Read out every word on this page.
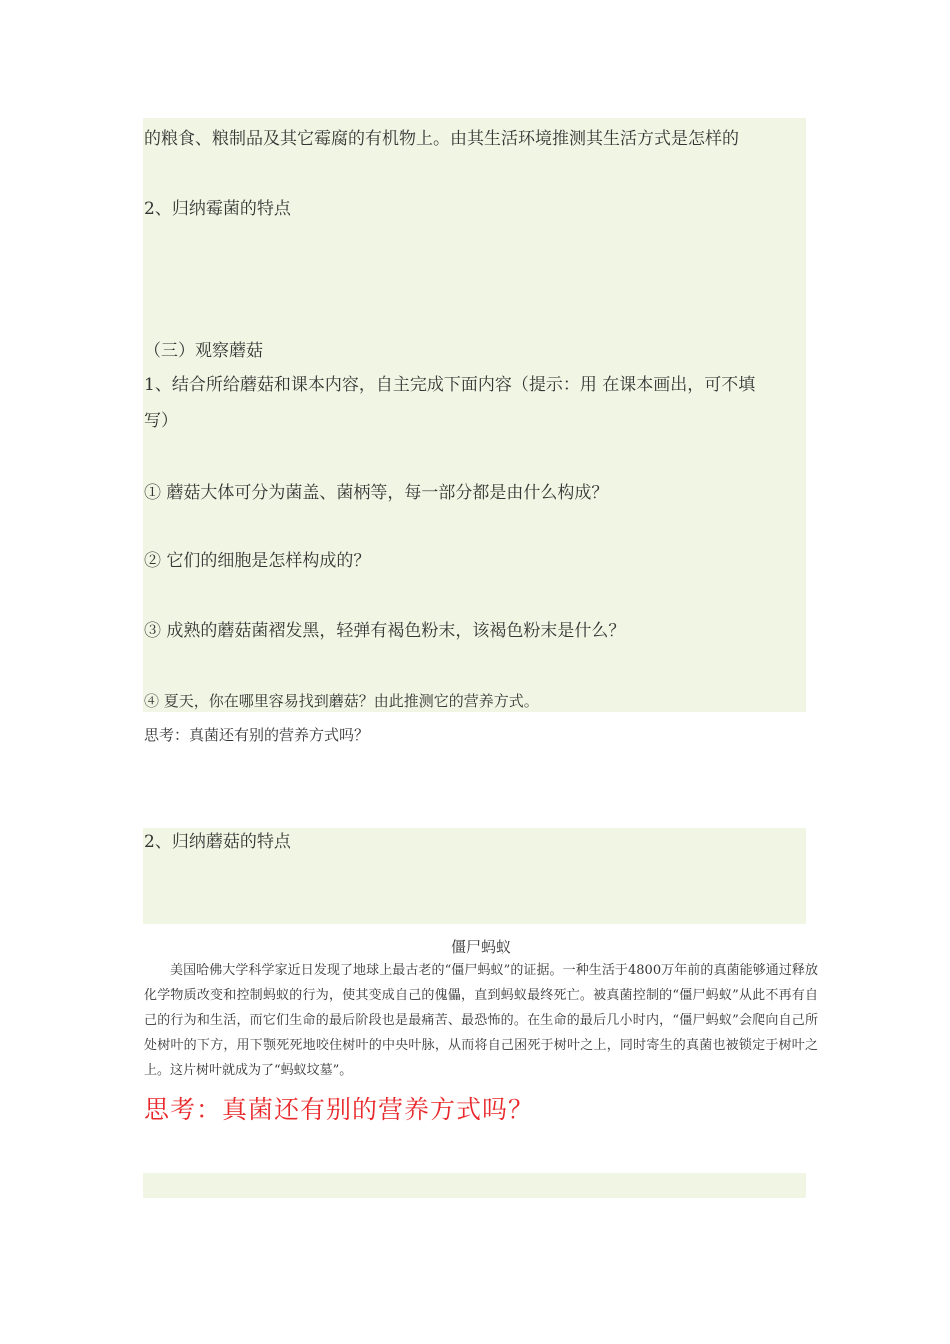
的粮食、粮制品及其它霉腐的有机物上。由其生活环境推测其生活方式是怎样的
2、归纳霉菌的特点
（三）观察蘑菇
1、结合所给蘑菇和课本内容，自主完成下面内容（提示：用 在课本画出，可不填
写）
① 蘑菇大体可分为菌盖、菌柄等，每一部分都是由什么构成？
② 它们的细胞是怎样构成的？
③ 成熟的蘑菇菌褶发黑，轻弹有褐色粉末，该褐色粉末是什么？
④ 夏天，你在哪里容易找到蘑菇？由此推测它的营养方式。
思考：真菌还有别的营养方式吗？
2、归纳蘑菇的特点
僵尸蚂蚁
美国哈佛大学科学家近日发现了地球上最古老的“僵尸蚂蚁”的证据。一种生活于4800万年前的真菌能够通过释放化学物质改变和控制蚂蚁的行为，使其变成自己的傀儡，直到蚂蚁最终死亡。被真菌控制的“僵尸蚂蚁”从此不再有自己的行为和生活，而它们生命的最后阶段也是最痛苦、最恐怖的。在生命的最后几小时内，“僵尸蚂蚁”会爬向自己所处树叶的下方，用下颚死死地咬住树叶的中央叶脉，从而将自己困死于树叶之上，同时寄生的真菌也被锁定于树叶之上。这片树叶就成为了“蚂蚁坟墓”。
思考：真菌还有别的营养方式吗？
